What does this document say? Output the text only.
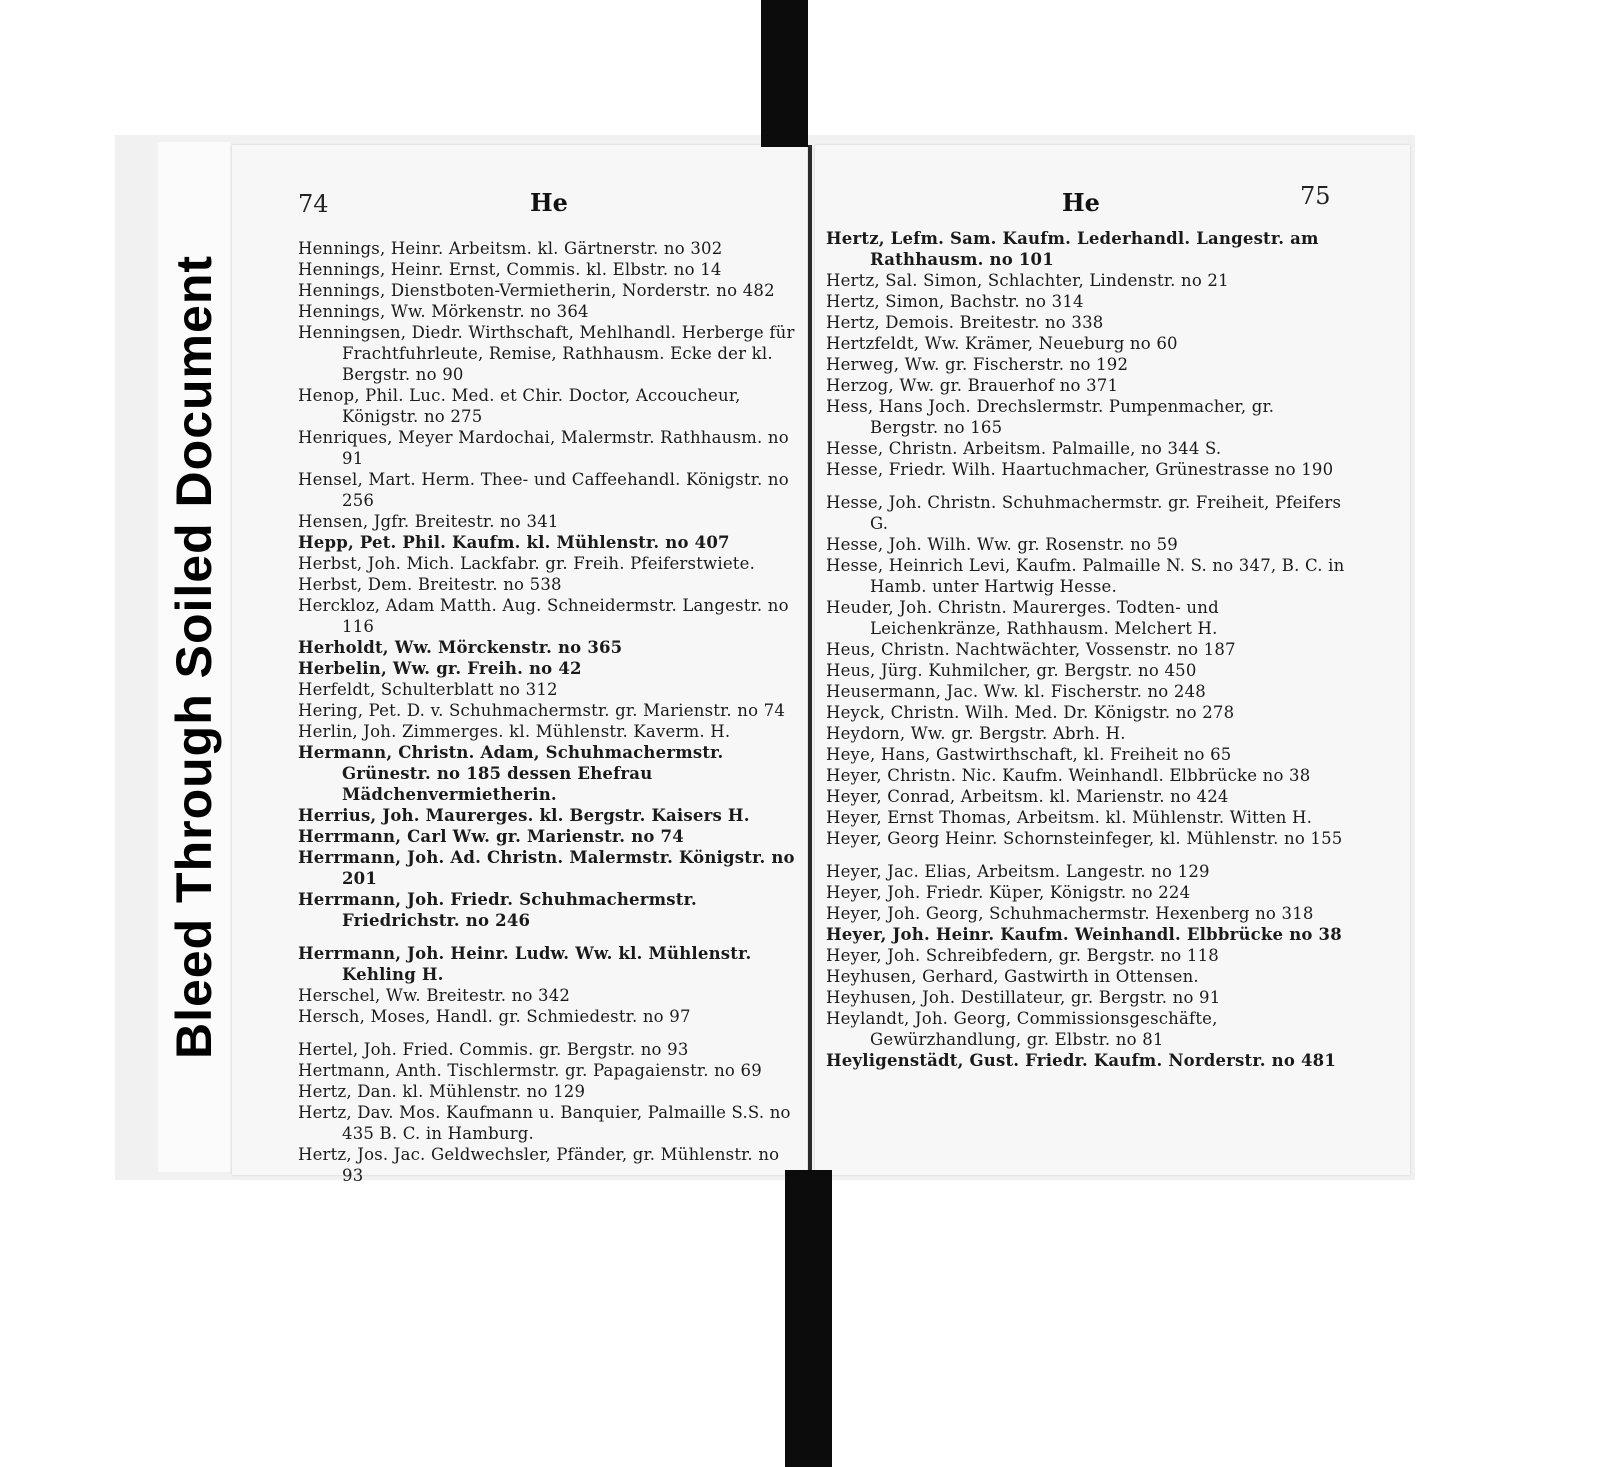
Bleed Through Soiled Document
74	He	He	75
Hennings, Heinr. Arbeitsm. kl. Gärtnerstr. no 302
Hennings, Heinr. Ernst, Commis. kl. Elbstr. no 14
Hennings, Dienstboten-Vermietherin, Norderstr. no 482
Hennings, Ww. Mörkenstr. no 364
Henningsen, Diedr. Wirthschaft, Mehlhandl. Herberge für Frachtfuhrleute, Remise, Rathhausm. Ecke der kl. Bergstr. no 90
Henop, Phil. Luc. Med. et Chir. Doctor, Accoucheur, Königstr. no 275
Henriques, Meyer Mardochai, Malermstr. Rathhausm. no 91
Hensel, Mart. Herm. Thee- und Caffeehandl. Königstr. no 256
Hensen, Jgfr. Breitestr. no 341
Hepp, Pet. Phil. Kaufm. kl. Mühlenstr. no 407
Herbst, Joh. Mich. Lackfabr. gr. Freih. Pfeiferstwiete.
Herbst, Dem. Breitestr. no 538
Herckloz, Adam Matth. Aug. Schneidermstr. Langestr. no 116
Herholdt, Ww. Mörckenstr. no 365
Herbelin, Ww. gr. Freih. no 42
Herfeldt, Schulterblatt no 312
Hering, Pet. D. v. Schuhmachermstr. gr. Marienstr. no 74
Herlin, Joh. Zimmerges. kl. Mühlenstr. Kaverm. H.
Hermann, Christn. Adam, Schuhmachermstr. Grünestr. no 185 dessen Ehefrau Mädchenvermietherin.
Herrius, Joh. Maurerges. kl. Bergstr. Kaisers H.
Herrmann, Carl Ww. gr. Marienstr. no 74
Herrmann, Joh. Ad. Christn. Malermstr. Königstr. no 201
Herrmann, Joh. Friedr. Schuhmachermstr. Friedrichstr. no 246
Herrmann, Joh. Heinr. Ludw. Ww. kl. Mühlenstr. Kehling H.
Herschel, Ww. Breitestr. no 342
Hersch, Moses, Handl. gr. Schmiedestr. no 97
Hertel, Joh. Fried. Commis. gr. Bergstr. no 93
Hertmann, Anth. Tischlermstr. gr. Papagaienstr. no 69
Hertz, Dan. kl. Mühlenstr. no 129
Hertz, Dav. Mos. Kaufmann u. Banquier, Palmaille S.S. no 435 B. C. in Hamburg.
Hertz, Jos. Jac. Geldwechsler, Pfänder, gr. Mühlenstr. no 93
Hertz, Lefm. Sam. Kaufm. Lederhandl. Langestr. am Rathhausm. no 101
Hertz, Sal. Simon, Schlachter, Lindenstr. no 21
Hertz, Simon, Bachstr. no 314
Hertz, Demois. Breitestr. no 338
Hertzfeldt, Ww. Krämer, Neueburg no 60
Herweg, Ww. gr. Fischerstr. no 192
Herzog, Ww. gr. Brauerhof no 371
Hess, Hans Joch. Drechslermstr. Pumpenmacher, gr. Bergstr. no 165
Hesse, Christn. Arbeitsm. Palmaille, no 344 S.
Hesse, Friedr. Wilh. Haartuchmacher, Grünestrasse no 190
Hesse, Joh. Christn. Schuhmachermstr. gr. Freiheit, Pfeifers G.
Hesse, Joh. Wilh. Ww. gr. Rosenstr. no 59
Hesse, Heinrich Levi, Kaufm. Palmaille N. S. no 347, B. C. in Hamb. unter Hartwig Hesse.
Heuder, Joh. Christn. Maurerges. Todten- und Leichenkränze, Rathhausm. Melchert H.
Heus, Christn. Nachtwächter, Vossenstr. no 187
Heus, Jürg. Kuhmilcher, gr. Bergstr. no 450
Heusermann, Jac. Ww. kl. Fischerstr. no 248
Heyck, Christn. Wilh. Med. Dr. Königstr. no 278
Heydorn, Ww. gr. Bergstr. Abrh. H.
Heye, Hans, Gastwirthschaft, kl. Freiheit no 65
Heyer, Christn. Nic. Kaufm. Weinhandl. Elbbrücke no 38
Heyer, Conrad, Arbeitsm. kl. Marienstr. no 424
Heyer, Ernst Thomas, Arbeitsm. kl. Mühlenstr. Witten H.
Heyer, Georg Heinr. Schornsteinfeger, kl. Mühlenstr. no 155
Heyer, Jac. Elias, Arbeitsm. Langestr. no 129
Heyer, Joh. Friedr. Küper, Königstr. no 224
Heyer, Joh. Georg, Schuhmachermstr. Hexenberg no 318
Heyer, Joh. Heinr. Kaufm. Weinhandl. Elbbrücke no 38
Heyer, Joh. Schreibfedern, gr. Bergstr. no 118
Heyhusen, Gerhard, Gastwirth in Ottensen.
Heyhusen, Joh. Destillateur, gr. Bergstr. no 91
Heylandt, Joh. Georg, Commissionsgeschäfte, Gewürzhandlung, gr. Elbstr. no 81
Heyligenstädt, Gust. Friedr. Kaufm. Norderstr. no 481
